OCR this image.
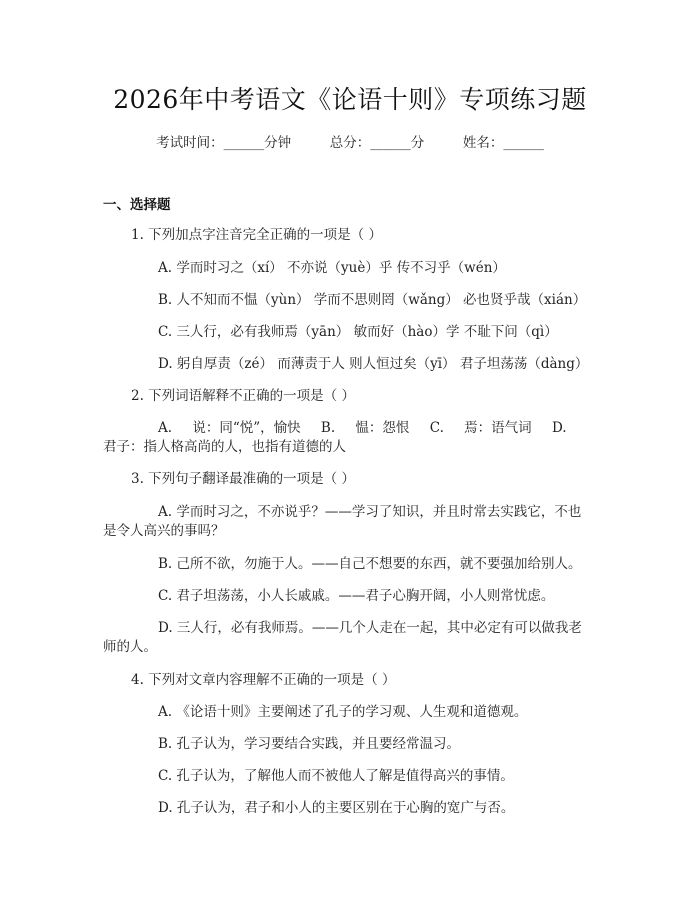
2026年中考语文《论语十则》专项练习题
考试时间：______分钟	总分：______分	姓名：______
一、选择题
1. 下列加点字注音完全正确的一项是（ ）
A. 学而时习之（xí） 不亦说（yuè）乎 传不习乎（wén）
B. 人不知而不愠（yùn） 学而不思则罔（wǎng） 必也贤乎哉（xián）
C. 三人行，必有我师焉（yān） 敏而好（hào）学 不耻下问（qì）
D. 躬自厚责（zé） 而薄责于人 则人恒过矣（yī） 君子坦荡荡（dàng）
2. 下列词语解释不正确的一项是（ ）
A. 说：同“悦”，愉快 B. 愠：怨恨 C. 焉：语气词 D.
君子：指人格高尚的人，也指有道德的人
3. 下列句子翻译最准确的一项是（ ）
A. 学而时习之，不亦说乎？——学习了知识，并且时常去实践它，不也
是令人高兴的事吗？
B. 己所不欲，勿施于人。——自己不想要的东西，就不要强加给别人。
C. 君子坦荡荡，小人长戚戚。——君子心胸开阔，小人则常忧虑。
D. 三人行，必有我师焉。——几个人走在一起，其中必定有可以做我老
师的人。
4. 下列对文章内容理解不正确的一项是（ ）
A. 《论语十则》主要阐述了孔子的学习观、人生观和道德观。
B. 孔子认为，学习要结合实践，并且要经常温习。
C. 孔子认为，了解他人而不被他人了解是值得高兴的事情。
D. 孔子认为，君子和小人的主要区别在于心胸的宽广与否。
